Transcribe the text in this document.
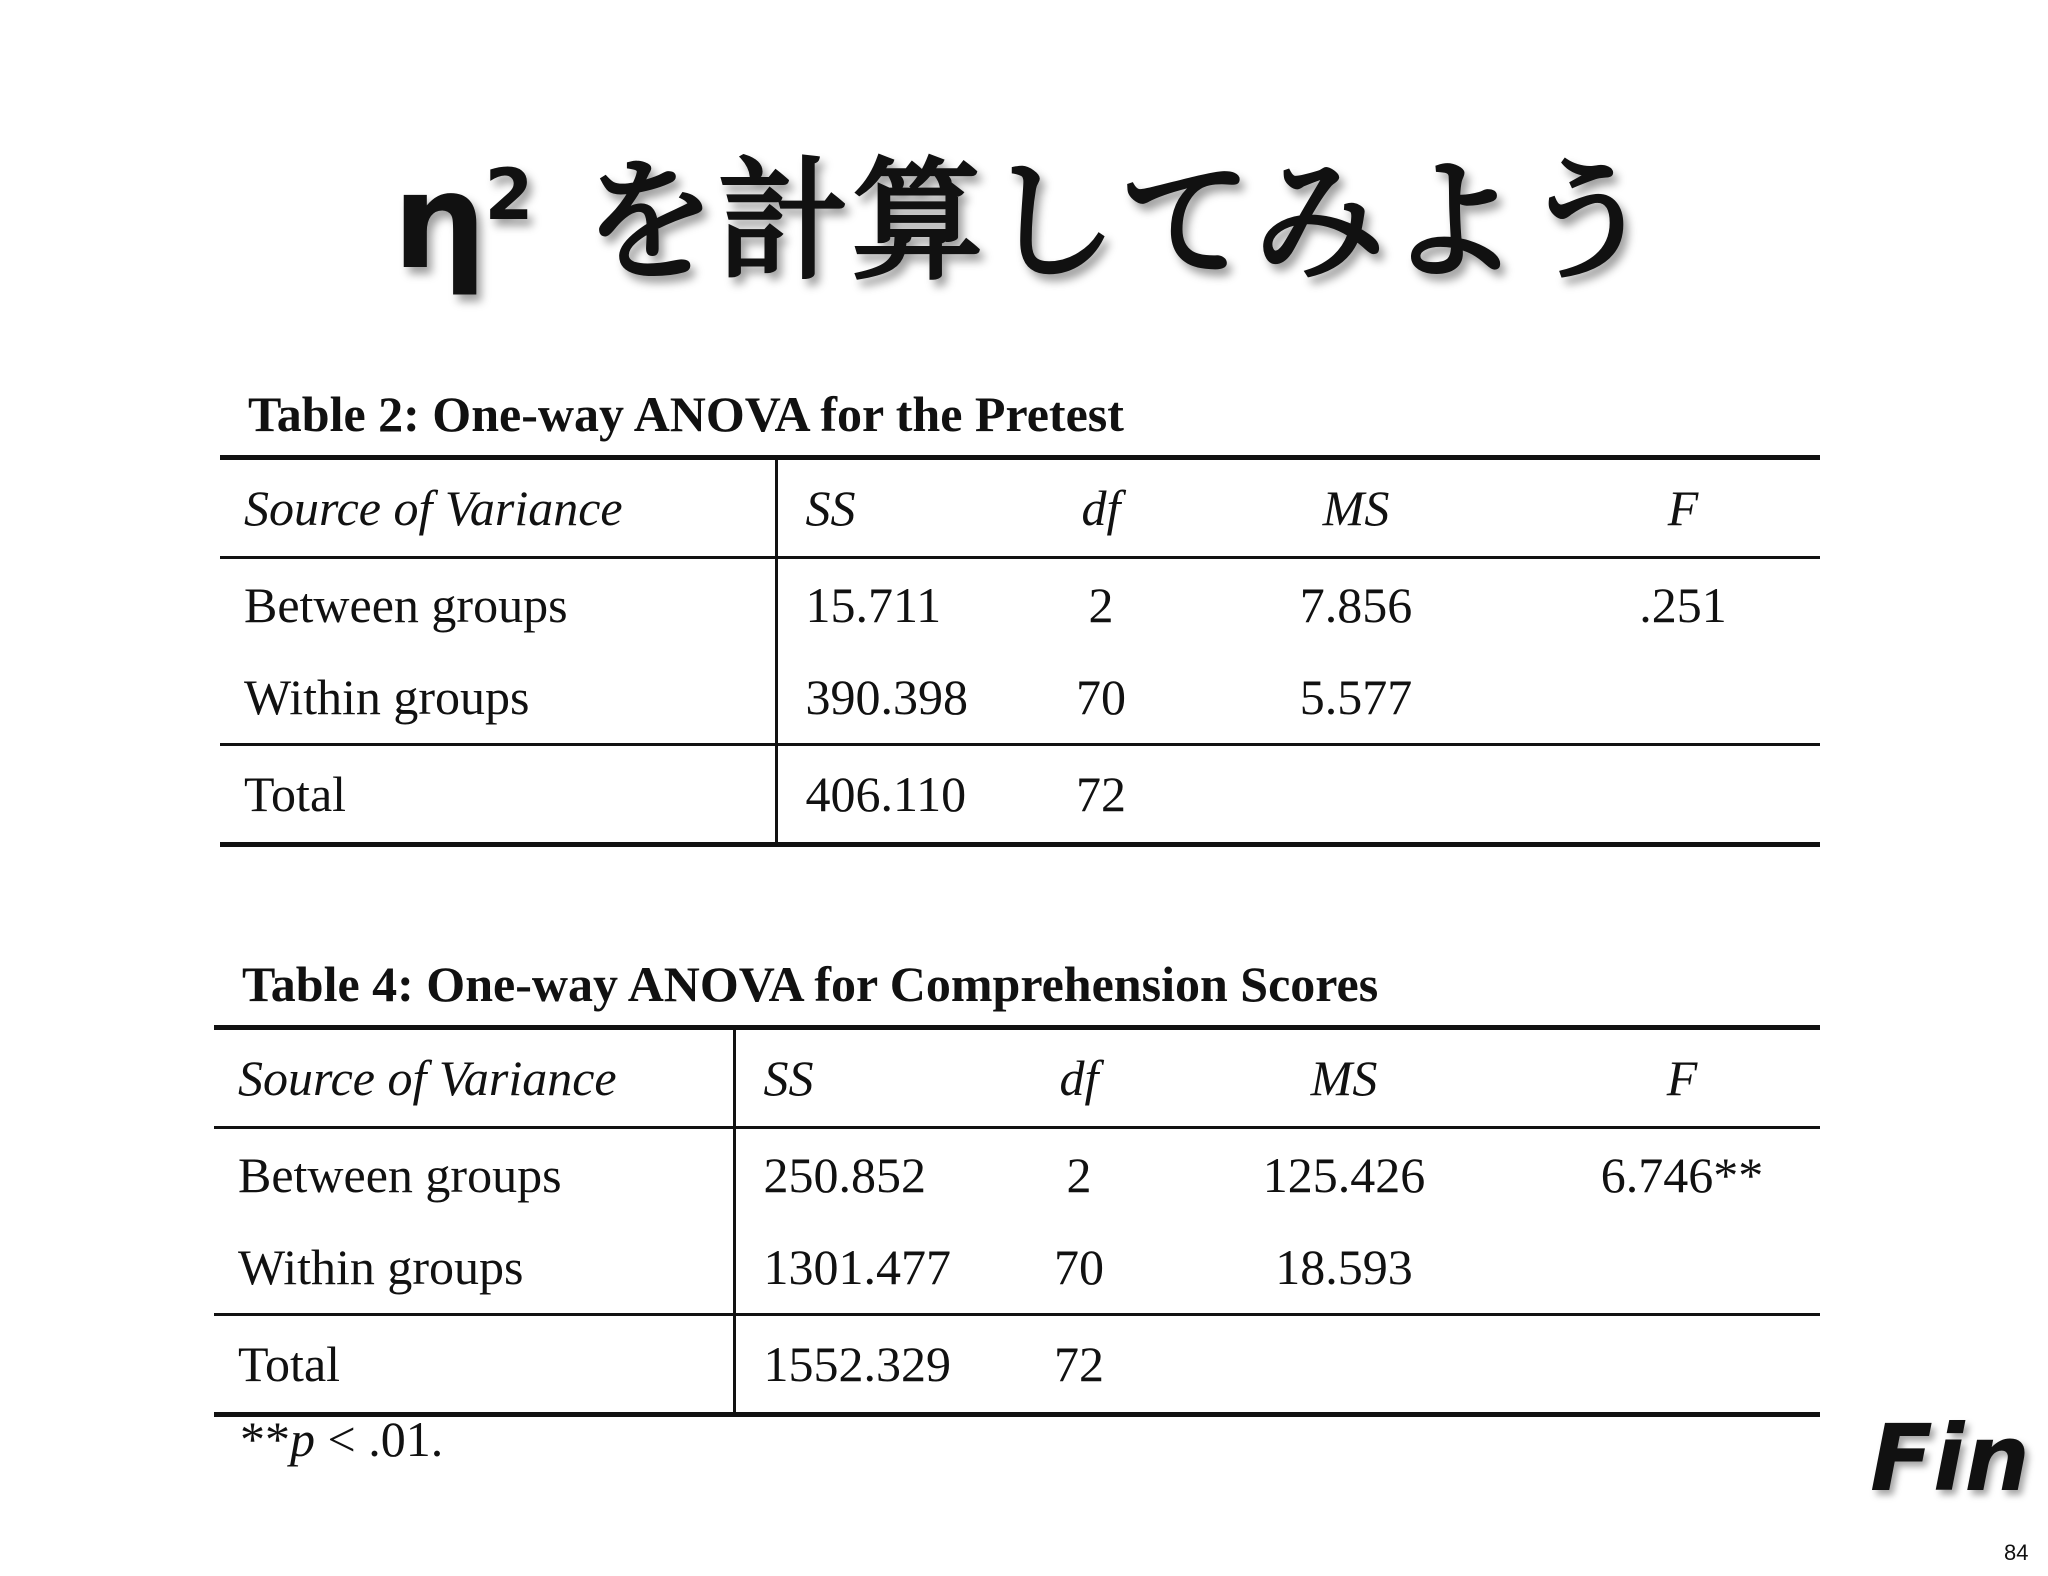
$\eta^2$ を計算してみよう
Table 2: One-way ANOVA for the Pretest
Source of Variance	SS	df	MS	F
Between groups	15.711	2	7.856	.251
Within groups	390.398	70	5.577	
Total	406.110	72		
Table 4: One-way ANOVA for Comprehension Scores
Source of Variance	SS	df	MS	F
Between groups	250.852	2	125.426	6.746**
Within groups	1301.477	70	18.593	
Total	1552.329	72		
**p < .01.	Fin
84
